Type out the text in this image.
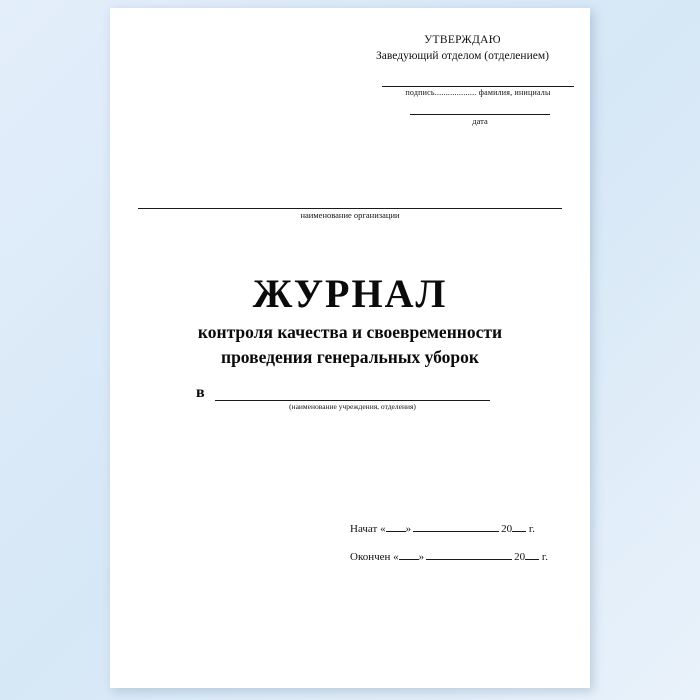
УТВЕРЖДАЮ
Заведующий отделом (отделением)
подпись................... фамилия, инициалы
дата
наименование организации
ЖУРНАЛ
контроля качества и своевременности
проведения генеральных уборок
в
(наименование учреждения, отделения)
Начат « »	20 г.
Окончен « »	20 г.
